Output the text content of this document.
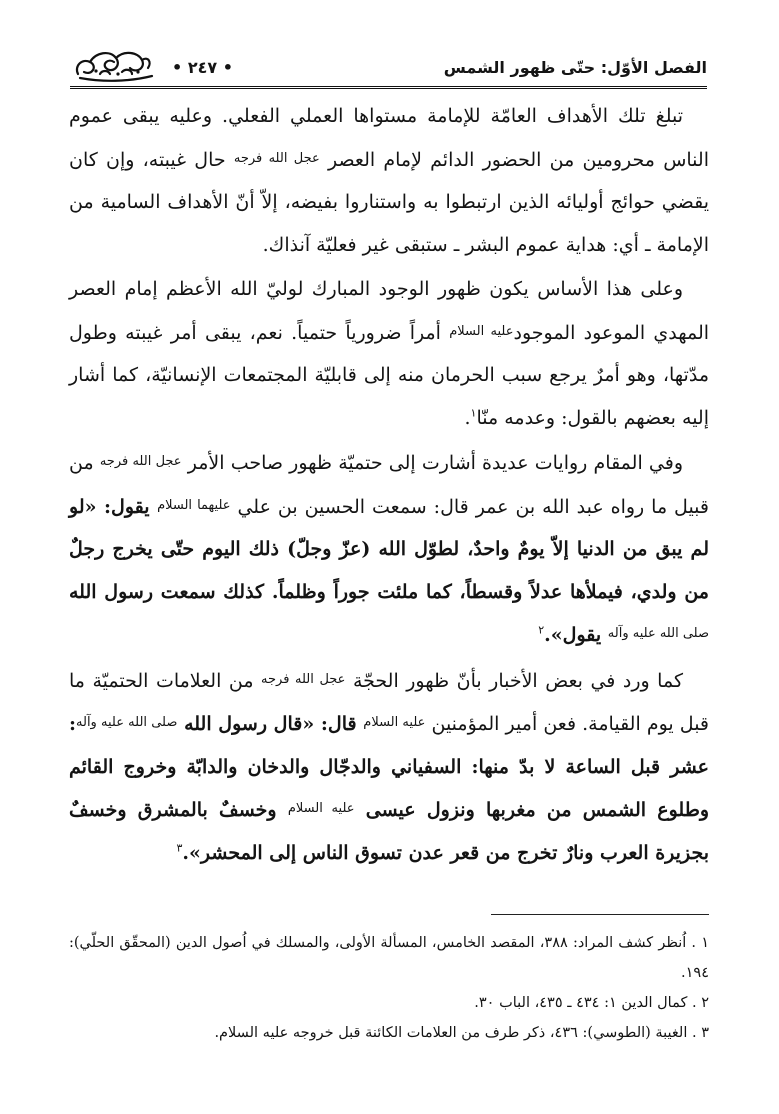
الفصل الأوّل: حتّى ظهور الشمس
• ٢٤٧ •

تبلغ تلك الأهداف العامّة للإمامة مستواها العملي الفعلي. وعليه يبقى عموم الناس محرومين من الحضور الدائم لإمام العصر $^{عجل الله فرجه}$ حال غيبته، وإن كان يقضي حوائج أوليائه الذين ارتبطوا به واستناروا بفيضه، إلاّ أنّ الأهداف السامية من الإمامة ـ أي: هداية عموم البشر ـ ستبقى غير فعليّة آنذاك.

وعلى هذا الأساس يكون ظهور الوجود المبارك لوليّ الله الأعظم إمام العصر المهدي الموعود الموجود$^{عليه السلام}$ أمراً ضرورياً حتمياً. نعم، يبقى أمر غيبته وطول مدّتها، وهو أمرٌ يرجع سبب الحرمان منه إلى قابليّة المجتمعات الإنسانيّة، كما أشار إليه بعضهم بالقول: وعدمه منّا$^١$.

وفي المقام روايات عديدة أشارت إلى حتميّة ظهور صاحب الأمر $^{عجل الله فرجه}$ من قبيل ما رواه عبد الله بن عمر قال: سمعت الحسين بن علي $^{عليهما السلام}$ يقول: «لو لم يبق من الدنيا إلاّ يومٌ واحدٌ، لطوّل الله (عزّ وجلّ) ذلك اليوم حتّى يخرج رجلٌ من ولدي، فيملأها عدلاً وقسطاً، كما ملئت جوراً وظلماً. كذلك سمعت رسول الله $^{صلى الله عليه وآله}$ يقول».$^٢$

كما ورد في بعض الأخبار بأنّ ظهور الحجّة $^{عجل الله فرجه}$ من العلامات الحتميّة ما قبل يوم القيامة. فعن أمير المؤمنين $^{عليه السلام}$ قال: «قال رسول الله $^{صلى الله عليه وآله}$: عشر قبل الساعة لا بدّ منها: السفياني والدجّال والدخان والدابّة وخروج القائم وطلوع الشمس من مغربها ونزول عيسى $^{عليه السلام}$ وخسفٌ بالمشرق وخسفٌ بجزيرة العرب ونارٌ تخرج من قعر عدن تسوق الناس إلى المحشر».$^٣$

١ . اُنظر كشف المراد: ٣٨٨، المقصد الخامس، المسألة الأولى، والمسلك في اُصول الدين (المحقّق الحلّي): ١٩٤.
٢ . كمال الدين ١: ٤٣٤ ـ ٤٣٥، الباب ٣٠.
٣ . الغيبة (الطوسي): ٤٣٦، ذكر طرف من العلامات الكائنة قبل خروجه عليه السلام.
